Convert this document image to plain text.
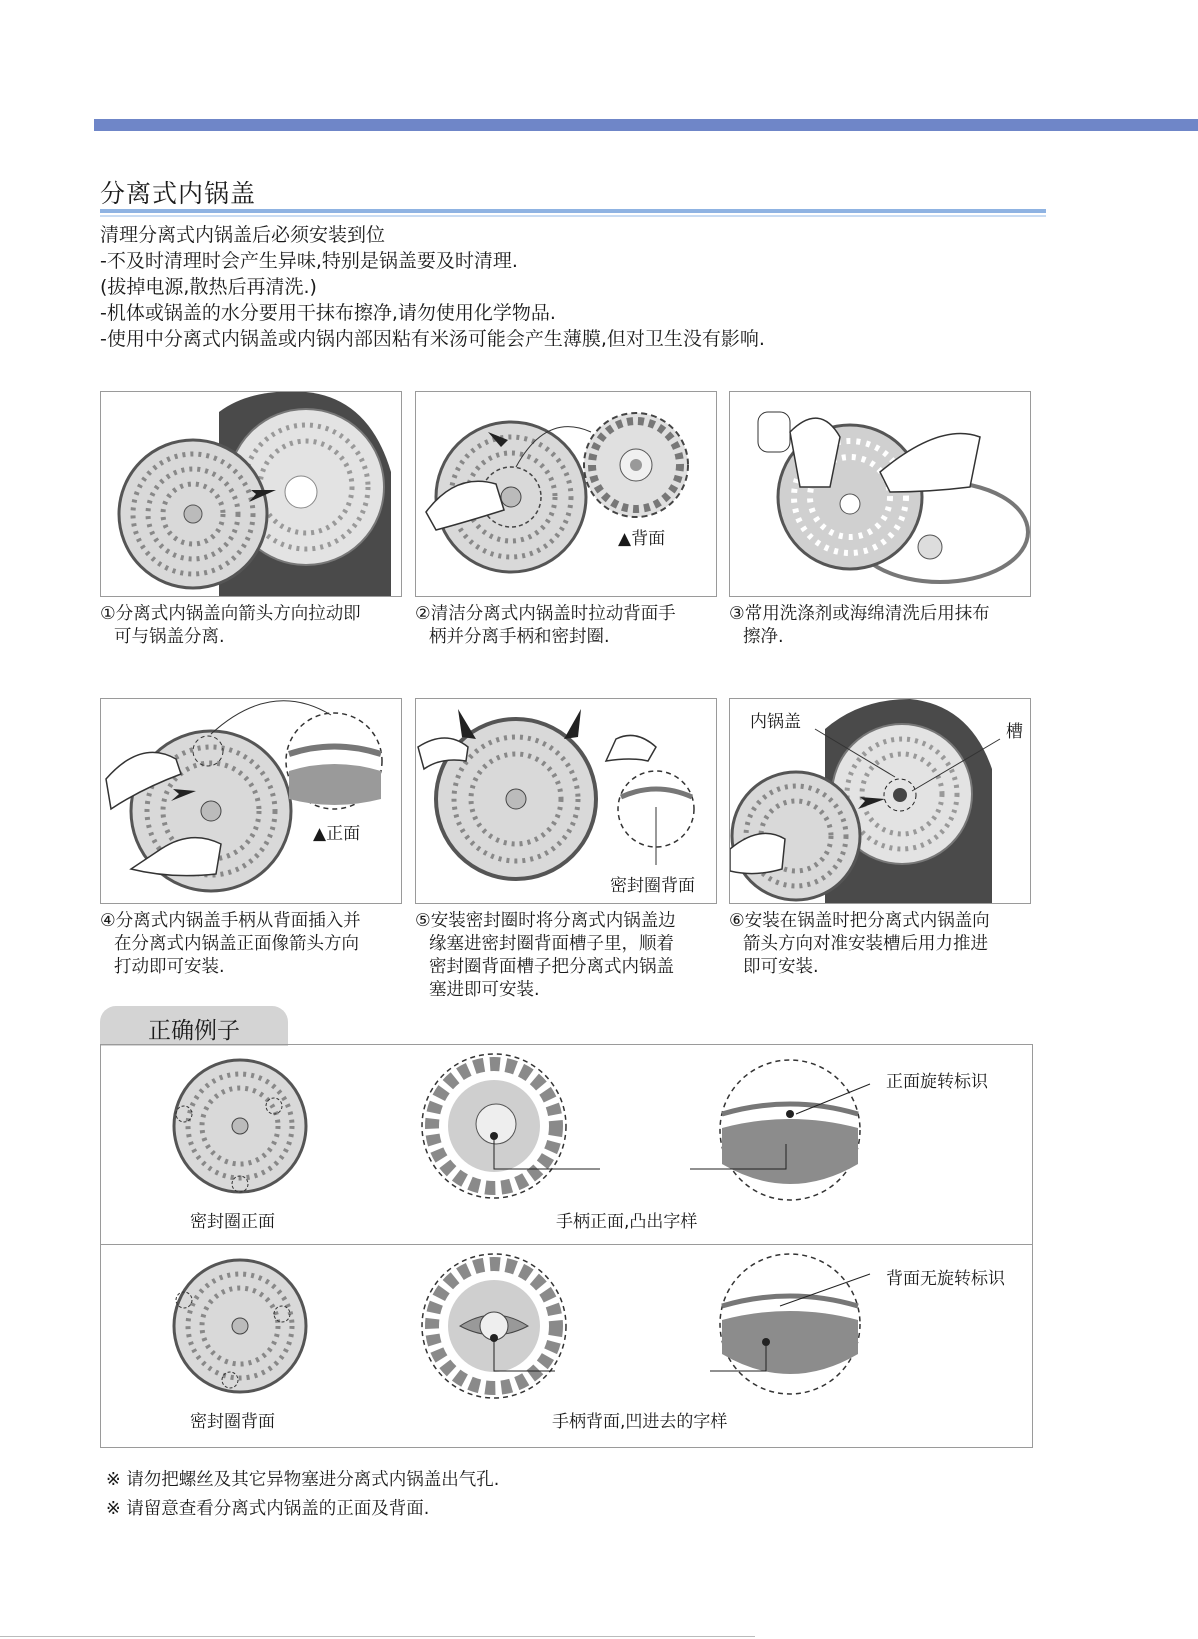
分离式内锅盖
清理分离式内锅盖后必须安装到位
-不及时清理时会产生异味,特别是锅盖要及时清理.
(拔掉电源,散热后再清洗.)
-机体或锅盖的水分要用干抹布擦净,请勿使用化学物品.
-使用中分离式内锅盖或内锅内部因粘有米汤可能会产生薄膜,但对卫生没有影响.
①分离式内锅盖向箭头方向拉动即
可与锅盖分离.
▲背面
②清洁分离式内锅盖时拉动背面手
柄并分离手柄和密封圈.
③常用洗涤剂或海绵清洗后用抹布
擦净.
▲正面
④分离式内锅盖手柄从背面插入并
在分离式内锅盖正面像箭头方向
打动即可安装.
密封圈背面
⑤安装密封圈时将分离式内锅盖边
缘塞进密封圈背面槽子里，顺着
密封圈背面槽子把分离式内锅盖
塞进即可安装.
内锅盖	槽
⑥安装在锅盖时把分离式内锅盖向
箭头方向对准安装槽后用力推进
即可安装.
正确例子
密封圈正面	手柄正面,凸出字样
正面旋转标识
密封圈背面	手柄背面,凹进去的字样
背面无旋转标识
※ 请勿把螺丝及其它异物塞进分离式内锅盖出气孔.
※ 请留意查看分离式内锅盖的正面及背面.
